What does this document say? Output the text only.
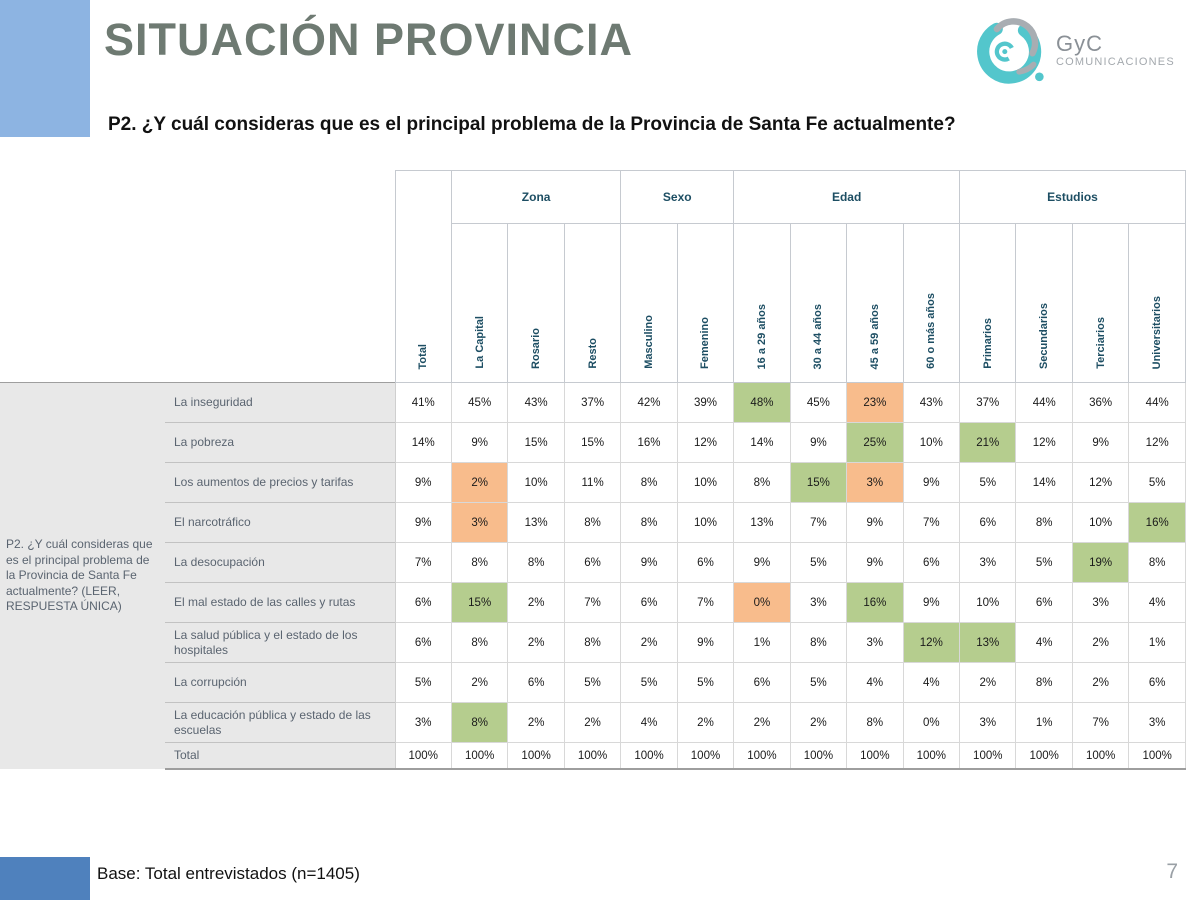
SITUACIÓN PROVINCIA	GyC
COMUNICACIONES
P2. ¿Y cuál consideras que es el principal problema de la Provincia de Santa Fe actualmente?
		Total	Zona			Sexo		Edad				Estudios			
			La Capital	Rosario	Resto	Masculino	Femenino	16 a 29 años	30 a 44 años	45 a 59 años	60 o más años	Primarios	Secundarios	Terciarios	Universitarios
P2. ¿Y cuál consideras que es el principal problema de la Provincia de Santa Fe actualmente? (LEER, RESPUESTA ÚNICA)	La inseguridad	41%	45%	43%	37%	42%	39%	48%	45%	23%	43%	37%	44%	36%	44%
	La pobreza	14%	9%	15%	15%	16%	12%	14%	9%	25%	10%	21%	12%	9%	12%
	Los aumentos de precios y tarifas	9%	2%	10%	11%	8%	10%	8%	15%	3%	9%	5%	14%	12%	5%
	El narcotráfico	9%	3%	13%	8%	8%	10%	13%	7%	9%	7%	6%	8%	10%	16%
	La desocupación	7%	8%	8%	6%	9%	6%	9%	5%	9%	6%	3%	5%	19%	8%
	El mal estado de las calles y rutas	6%	15%	2%	7%	6%	7%	0%	3%	16%	9%	10%	6%	3%	4%
	La salud pública y el estado de los hospitales	6%	8%	2%	8%	2%	9%	1%	8%	3%	12%	13%	4%	2%	1%
	La corrupción	5%	2%	6%	5%	5%	5%	6%	5%	4%	4%	2%	8%	2%	6%
	La educación pública y estado de las escuelas	3%	8%	2%	2%	4%	2%	2%	2%	8%	0%	3%	1%	7%	3%
	Total	100%	100%	100%	100%	100%	100%	100%	100%	100%	100%	100%	100%	100%	100%
Base: Total entrevistados (n=1405)	7
